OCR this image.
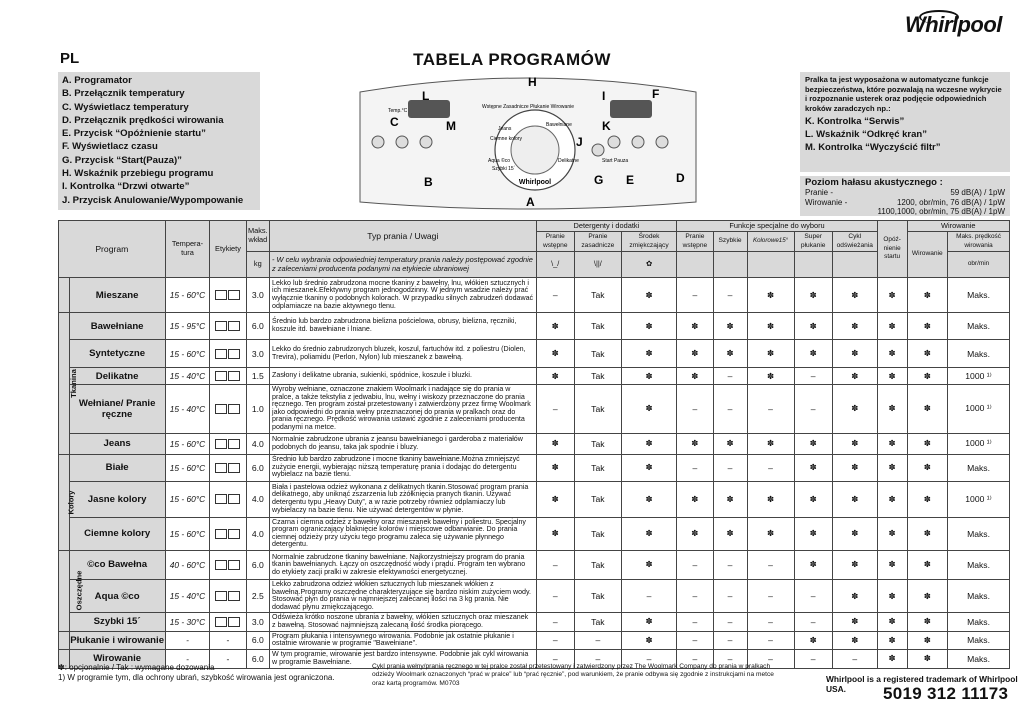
PL	TABELA PROGRAMÓW
Whirlpool
A. Programator
B. Przełącznik temperatury
C. Wyświetlacz temperatury
D. Przełącznik prędkości wirowania
E. Przycisk “Opóżnienie startu”
F. Wyświetlacz czasu
G. Przycisk “Start(Pauza)”
H. Wskaźnik przebiegu programu
I. Kontrolka “Drzwi otwarte”
J. Przycisk Anulowanie/Wypompowanie
Whirlpool
Wstępne Zasadnicze Płukanie Wirowanie
Temp.°C
Start Pauza
Bawełniane
Jeans
Ciemne kolory
Aqua ©co
Szybki 15´
Delikatne
H
L	I	F
C	M	K
J
B	G E	D
A
Pralka ta jest wyposażona w automatyczne funkcje bezpieczeństwa, które pozwalają na wczesne wykrycie i rozpoznanie usterek oraz podjęcie odpowiednich kroków zaradczych np.:
K. Kontrolka “Serwis”
L. Wskaźnik “Odkręć kran”
M. Kontrolka “Wyczyścić filtr”
Poziom hałasu akustycznego :
Pranie -	59 dB(A) / 1pW
Wirowanie -	1200, obr/min, 76 dB(A) / 1pW
1100,1000, obr/min, 75 dB(A) / 1pW
Program		Tempera- tura	Etykiety	Maks. wkład	Typ prania / Uwagi	Detergenty i dodatki			Funkcje specjalne do wyboru					Opóź- nienie startu	Wirowanie	
						Pranie wstępne	Pranie zasadnicze	Środek zmiękczający	Pranie wstępne	Szybkie	Kolorowe15°	Super płukanie	Cykl odświeżania		Wirowanie	Maks. prędkość wirowania
				kg	- W celu wybrania odpowiedniej temperatury prania należy postępować zgodnie z zaleceniami producenta podanymi na etykiecie ubraniowej	\_/	\||/	✿								obr/min
	Mieszane	15 - 60°C		3.0	Lekko lub średnio zabrudzona mocne tkaniny z bawełny, lnu, włókien sztucznych i ich mieszanek.Efektywny program jednogodzinny. W jednym wsadzie należy prać wyłącznie tkaniny o podobnych kolorach. W przypadku silnych zabrudzeń dodawać odplamiacze na bazie aktywnego tlenu.	–	Tak	✽	–	–	✽	✽	✽	✽	✽	Maks.
Tkanina	Bawełniane	15 - 95°C		6.0	Średnio lub bardzo zabrudzona bielizna pościelowa, obrusy, bielizna, ręczniki, koszule itd. bawełniane i lniane.	✽	Tak	✽	✽	✽	✽	✽	✽	✽	✽	Maks.
	Syntetyczne	15 - 60°C		3.0	Lekko do średnio zabrudzonych bluzek, koszul, fartuchów itd. z poliestru (Diolen, Trevira), poliamidu (Perlon, Nylon) lub mieszanek z bawełną.	✽	Tak	✽	✽	✽	✽	✽	✽	✽	✽	Maks.
	Delikatne	15 - 40°C		1.5	Zasłony i delikatne ubrania, sukienki, spódnice, koszule i bluzki.	✽	Tak	✽	✽	–	✽	–	✽	✽	✽	1000 ¹⁾
	Wełniane/ Pranie ręczne	15 - 40°C		1.0	Wyroby wełniane, oznaczone znakiem Woolmark i nadające się do prania w pralce, a także tekstylia z jedwabiu, lnu, wełny i wiskozy przeznaczone do prania ręcznego. Ten program został przetestowany i zatwierdzony przez firmę Woolmark jako odpowiedni do prania wełny przeznaczonej do prania w pralkach oraz do prania ręcznego. Prędkość wirowania ustawić zgodnie z zaleceniami producenta podanymi na metce.	–	Tak	✽	–	–	–	–	✽	✽	✽	1000 ¹⁾
	Jeans	15 - 60°C		4.0	Normalnie zabrudzone ubrania z jeansu bawełnianego i garderoba z materiałów podobnych do jeansu, taka jak spodnie i bluzy.	✽	Tak	✽	✽	✽	✽	✽	✽	✽	✽	1000 ¹⁾
Kolory	Białe	15 - 60°C		6.0	Średnio lub bardzo zabrudzone i mocne tkaniny bawełniane.Można zmniejszyć zużycie energii, wybierając niższą temperaturę prania i dodając do detergentu wybielacz na bazie tlenu.	✽	Tak	✽	–	–	–	✽	✽	✽	✽	Maks.
	Jasne kolory	15 - 60°C		4.0	Biała i pastelowa odzież wykonana z delikatnych tkanin.Stosować program prania delikatnego, aby uniknąć zszarzenia lub zżółknięcia pranych tkanin. Używać detergentu typu „Heavy Duty”, a w razie potrzeby również odplamiaczy lub wybielaczy na bazie tlenu. Nie używać detergentów w płynie.	✽	Tak	✽	✽	✽	✽	✽	✽	✽	✽	1000 ¹⁾
	Ciemne kolory	15 - 60°C		4.0	Czarna i ciemna odzież z bawełny oraz mieszanek bawełny i poliestru. Specjalny program ograniczający blaknięcie kolorów i miejscowe odbarwianie. Do prania ciemnej odzieży przy użyciu tego programu zaleca się używanie płynnego detergentu.	✽	Tak	✽	✽	✽	✽	✽	✽	✽	✽	Maks.
Oszczędne	©co Bawełna	40 - 60°C		6.0	Normalnie zabrudzone tkaniny bawełniane. Najkorzystniejszy program do prania tkanin bawełnianych. Łączy on oszczędność wody i prądu. Program ten wybrano do etykiety zacji pralki w zakresie efektywności energetycznej.	–	Tak	✽	–	–	–	✽	✽	✽	✽	Maks.
	Aqua ©co	15 - 40°C		2.5	Lekko zabrudzona odzież włókien sztucznych lub mieszanek włókien z bawełną.Programy oszczędne charakteryzujące się bardzo niskim zużyciem wody. Stosować płyn do prania w najmniejszej zalecanej ilości na 3 kg prania. Nie dodawać płynu zmiękczającego.	–	Tak	–	–	–	–	–	✽	✽	✽	Maks.
	Szybki 15´	15 - 30°C		3.0	Odświeża krótko noszone ubrania z bawełny, włókien sztucznych oraz mieszanek z bawełną. Stosować najmniejszą zalecaną ilość środka piorącego.	–	Tak	✽	–	–	–	–	✽	✽	✽	Maks.
	Płukanie i wirowanie	-	-	6.0	Program płukania i intensywnego wirowania. Podobnie jak ostatnie płukanie i ostatnie wirowanie w programie "Bawełniane".	–	–	✽	–	–	–	✽	✽	✽	✽	Maks.
	Wirowanie	-	-	6.0	W tym programie, wirowanie jest bardzo intensywne. Podobnie jak cykl wirowania w programie Bawełniane.	–	–	–	–	–	–	–	–	✽	✽	Maks.
✽: opcjonalnie / Tak : wymagane dozowania
1) W programie tym, dla ochrony ubrań, szybkość wirowania jest ograniczona.
Cykl prania wełny/prania ręcznego w tej pralce został przetestowany i zatwierdzony przez The Woolmark Company do prania w pralkach odzieży Woolmark oznaczonych “prać w pralce” lub “prać ręcznie”, pod warunkiem, że pranie odbywa się zgodnie z instrukcjami na metce oraz kartą programów. M0703	Whirlpool is a registered trademark of Whirlpool USA.	5019 312 11173
